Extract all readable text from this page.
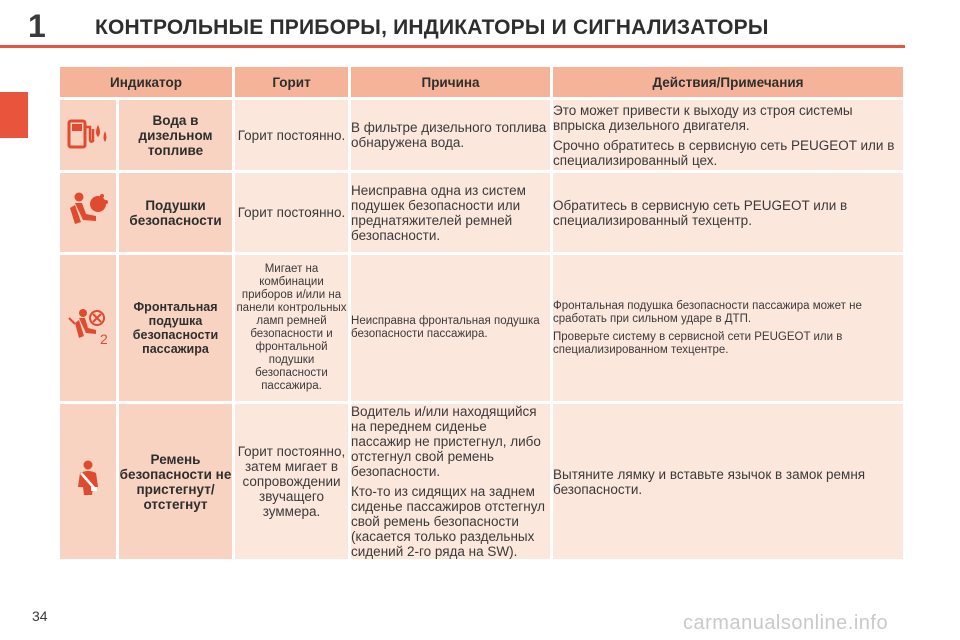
1 КОНТРОЛЬНЫЕ ПРИБОРЫ, ИНДИКАТОРЫ И СИГНАЛИЗАТОРЫ
Индикатор		Горит	Причина	Действия/Примечания
	Вода в дизельном топливе	Горит постоянно.	В фильтре дизельного топлива обнаружена вода.	Это может привести к выходу из строя системы впрыска дизельного двигателя.

Срочно обратитесь в сервисную сеть PEUGEOT или в специализированный цех.

	Подушки безопасности	Горит постоянно.	Неисправна одна из систем подушек безопасности или преднатяжителей ремней безопасности.	Обратитесь в сервисную сеть PEUGEOT или в специализированный техцентр.

2	Фронтальная подушка безопасности пассажира	Мигает на комбинации приборов и/или на панели контрольных ламп ремней безопасности и фронтальной подушки безопасности пассажира.	Неисправна фронтальная подушка безопасности пассажира.	Фронтальная подушка безопасности пассажира может не сработать при сильном ударе в ДТП.

Проверьте систему в сервисной сети PEUGEOT или в специализированном техцентре.

	Ремень безопасности не пристегнут/ отстегнут	Горит постоянно, затем мигает в сопровождении звучащего зуммера.	Водитель и/или находящийся на переднем сиденье пассажир не пристегнул, либо отстегнул свой ремень безопасности.

Кто-то из сидящих на заднем сиденье пассажиров отстегнул свой ремень безопасности (касается только раздельных сидений 2-го ряда на SW).	Вытяните лямку и вставьте язычок в замок ремня безопасности.

34	carmanualsonline.info
